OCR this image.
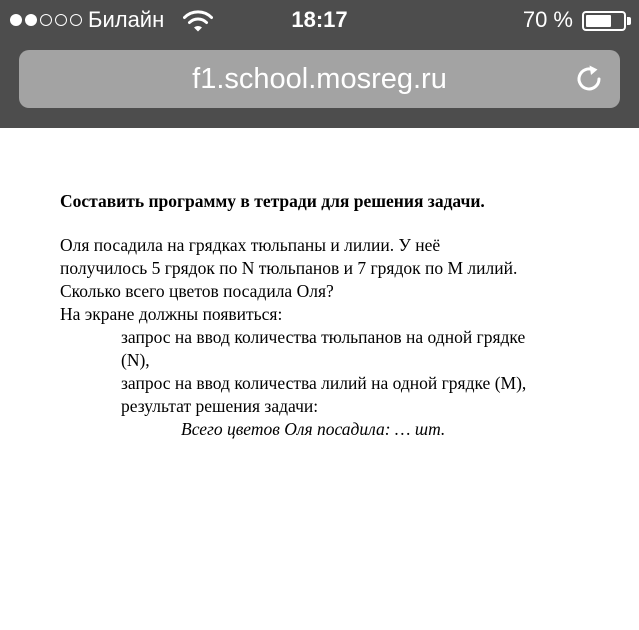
Билайн	18:17	70 %
f1.school.mosreg.ru
Составить программу в тетради для решения задачи.
Оля посадила на грядках тюльпаны и лилии. У неё
получилось 5 грядок по N тюльпанов и 7 грядок по M лилий.
Сколько всего цветов посадила Оля?
На экране должны появиться:
запрос на ввод количества тюльпанов на одной грядке
(N),
запрос на ввод количества лилий на одной грядке (M),
результат решения задачи:
Всего цветов Оля посадила: … шт.
